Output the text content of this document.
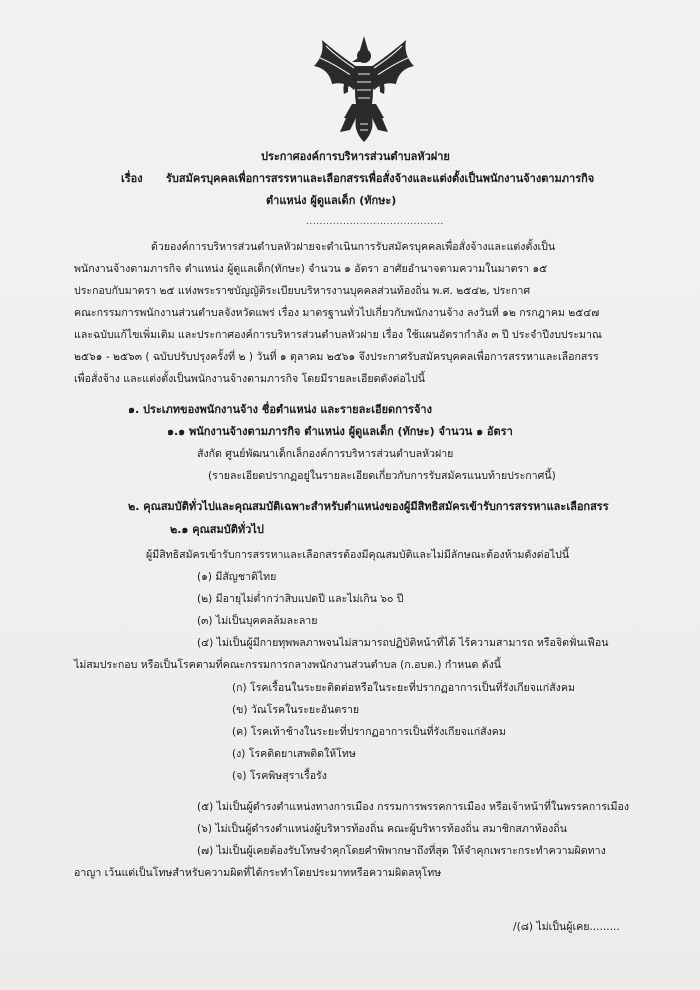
ประกาศองค์การบริหารส่วนตำบลหัวฝาย
เรื่อง รับสมัครบุคคลเพื่อการสรรหาและเลือกสรรเพื่อสั่งจ้างและแต่งตั้งเป็นพนักงานจ้างตามภารกิจ
ตำแหน่ง ผู้ดูแลเด็ก (ทักษะ)
.........................................
ด้วยองค์การบริหารส่วนตำบลหัวฝายจะดำเนินการรับสมัครบุคคลเพื่อสั่งจ้างและแต่งตั้งเป็น
พนักงานจ้างตามภารกิจ ตำแหน่ง ผู้ดูแลเด็ก(ทักษะ) จำนวน ๑ อัตรา อาศัยอำนาจตามความในมาตรา ๑๕
ประกอบกับมาตรา ๒๕ แห่งพระราชบัญญัติระเบียบบริหารงานบุคคลส่วนท้องถิ่น พ.ศ. ๒๕๔๒, ประกาศ
คณะกรรมการพนักงานส่วนตำบลจังหวัดแพร่ เรื่อง มาตรฐานทั่วไปเกี่ยวกับพนักงานจ้าง ลงวันที่ ๑๒ กรกฎาคม ๒๕๔๗
และฉบับแก้ไขเพิ่มเติม และประกาศองค์การบริหารส่วนตำบลหัวฝาย เรื่อง ใช้แผนอัตรากำลัง ๓ ปี ประจำปีงบประมาณ
๒๕๖๑ - ๒๕๖๓ ( ฉบับปรับปรุงครั้งที่ ๒ ) วันที่ ๑ ตุลาคม ๒๕๖๑ จึงประกาศรับสมัครบุคคลเพื่อการสรรหาและเลือกสรร
เพื่อสั่งจ้าง และแต่งตั้งเป็นพนักงานจ้างตามภารกิจ โดยมีรายละเอียดดังต่อไปนี้
๑. ประเภทของพนักงานจ้าง ชื่อตำแหน่ง และรายละเอียดการจ้าง
๑.๑ พนักงานจ้างตามภารกิจ ตำแหน่ง ผู้ดูแลเด็ก (ทักษะ) จำนวน ๑ อัตรา
สังกัด ศูนย์พัฒนาเด็กเล็กองค์การบริหารส่วนตำบลหัวฝาย
(รายละเอียดปรากฏอยู่ในรายละเอียดเกี่ยวกับการรับสมัครแนบท้ายประกาศนี้)
๒. คุณสมบัติทั่วไปและคุณสมบัติเฉพาะสำหรับตำแหน่งของผู้มีสิทธิสมัครเข้ารับการสรรหาและเลือกสรร
๒.๑ คุณสมบัติทั่วไป
ผู้มีสิทธิสมัครเข้ารับการสรรหาและเลือกสรรต้องมีคุณสมบัติและไม่มีลักษณะต้องห้ามดังต่อไปนี้
(๑) มีสัญชาติไทย
(๒) มีอายุไม่ต่ำกว่าสิบแปดปี และไม่เกิน ๖๐ ปี
(๓) ไม่เป็นบุคคลล้มละลาย
(๔) ไม่เป็นผู้มีกายทุพพลภาพจนไม่สามารถปฏิบัติหน้าที่ได้ ไร้ความสามารถ หรือจิตฟั่นเฟือน
ไม่สมประกอบ หรือเป็นโรคตามที่คณะกรรมการกลางพนักงานส่วนตำบล (ก.อบต.) กำหนด ดังนี้
(ก) โรคเรื้อนในระยะติดต่อหรือในระยะที่ปรากฏอาการเป็นที่รังเกียจแก่สังคม
(ข) วัณโรคในระยะอันตราย
(ค) โรคเท้าช้างในระยะที่ปรากฏอาการเป็นที่รังเกียจแก่สังคม
(ง) โรคติดยาเสพติดให้โทษ
(จ) โรคพิษสุราเรื้อรัง
(๕) ไม่เป็นผู้ดำรงตำแหน่งทางการเมือง กรรมการพรรคการเมือง หรือเจ้าหน้าที่ในพรรคการเมือง
(๖) ไม่เป็นผู้ดำรงตำแหน่งผู้บริหารท้องถิ่น คณะผู้บริหารท้องถิ่น สมาชิกสภาท้องถิ่น
(๗) ไม่เป็นผู้เคยต้องรับโทษจำคุกโดยคำพิพากษาถึงที่สุด ให้จำคุกเพราะกระทำความผิดทาง
อาญา เว้นแต่เป็นโทษสำหรับความผิดที่ได้กระทำโดยประมาทหรือความผิดลหุโทษ
/(๘) ไม่เป็นผู้เคย.........
